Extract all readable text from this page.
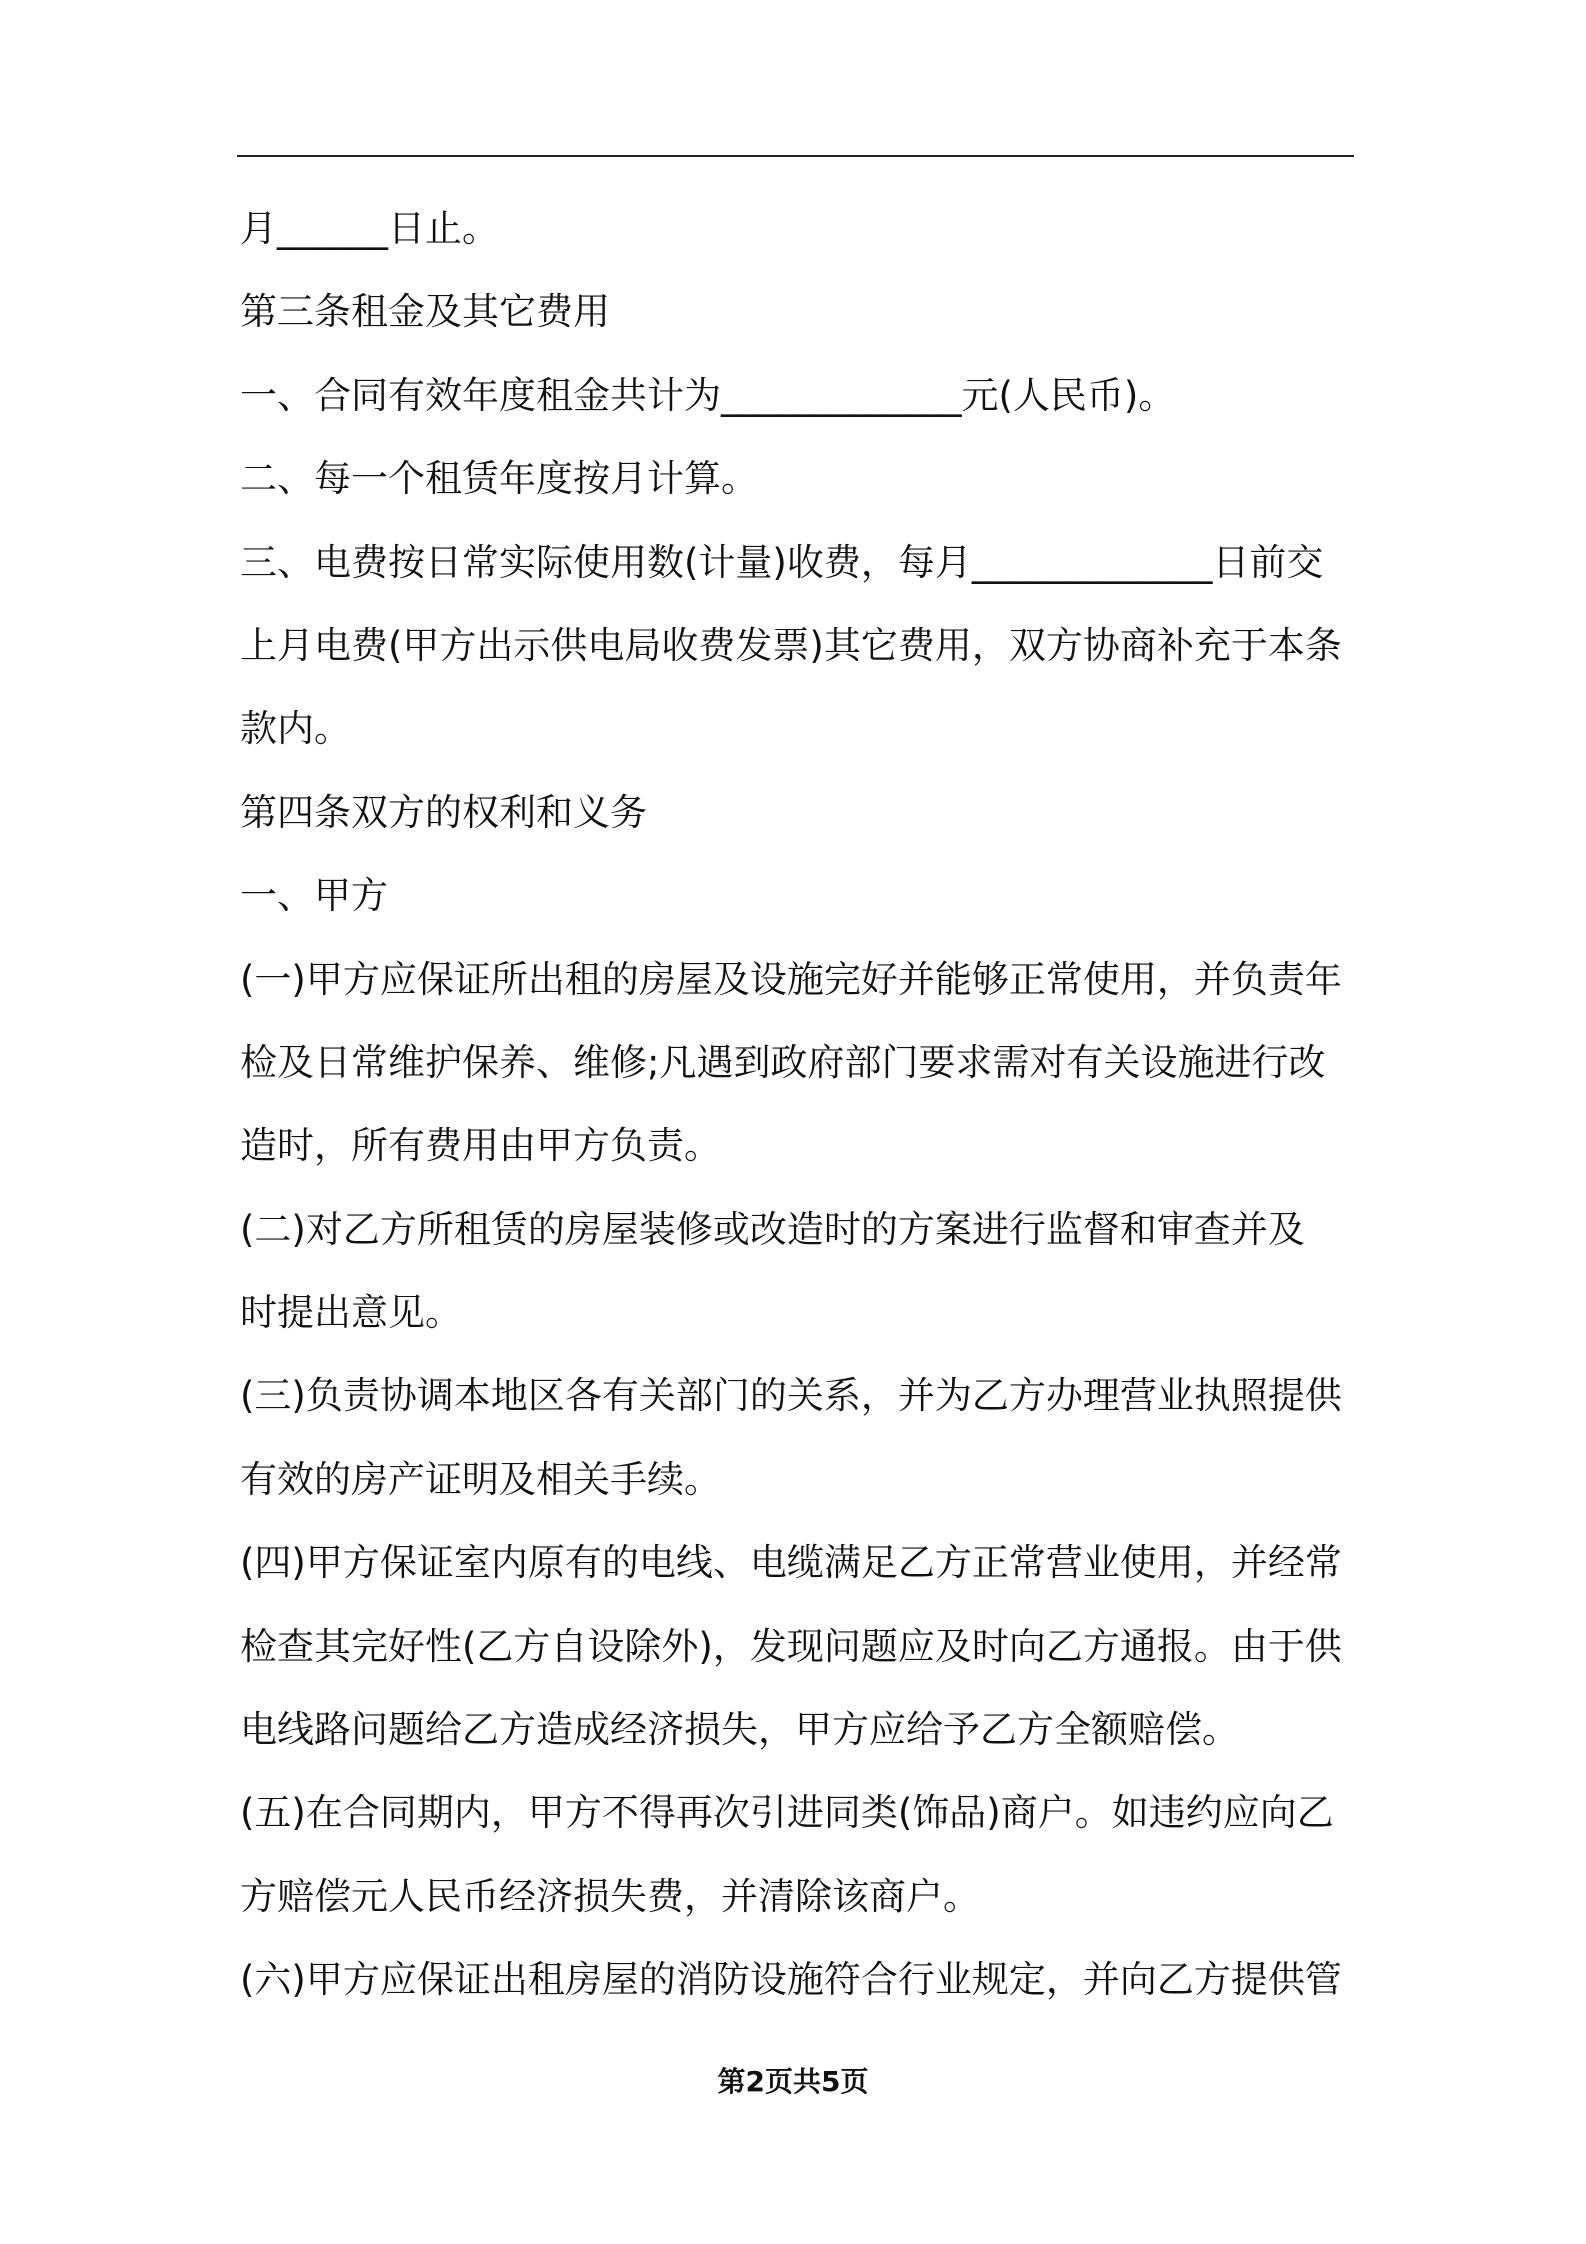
月______日止。
第三条租金及其它费用
一、合同有效年度租金共计为_____________元(人民币)。
二、每一个租赁年度按月计算。
三、电费按日常实际使用数(计量)收费，每月_____________日前交
上月电费(甲方出示供电局收费发票)其它费用，双方协商补充于本条
款内。
第四条双方的权利和义务
一、甲方
(一)甲方应保证所出租的房屋及设施完好并能够正常使用，并负责年
检及日常维护保养、维修;凡遇到政府部门要求需对有关设施进行改
造时，所有费用由甲方负责。
(二)对乙方所租赁的房屋装修或改造时的方案进行监督和审查并及
时提出意见。
(三)负责协调本地区各有关部门的关系，并为乙方办理营业执照提供
有效的房产证明及相关手续。
(四)甲方保证室内原有的电线、电缆满足乙方正常营业使用，并经常
检查其完好性(乙方自设除外)，发现问题应及时向乙方通报。由于供
电线路问题给乙方造成经济损失，甲方应给予乙方全额赔偿。
(五)在合同期内，甲方不得再次引进同类(饰品)商户。如违约应向乙
方赔偿元人民币经济损失费，并清除该商户。
(六)甲方应保证出租房屋的消防设施符合行业规定，并向乙方提供管
第2页共5页
